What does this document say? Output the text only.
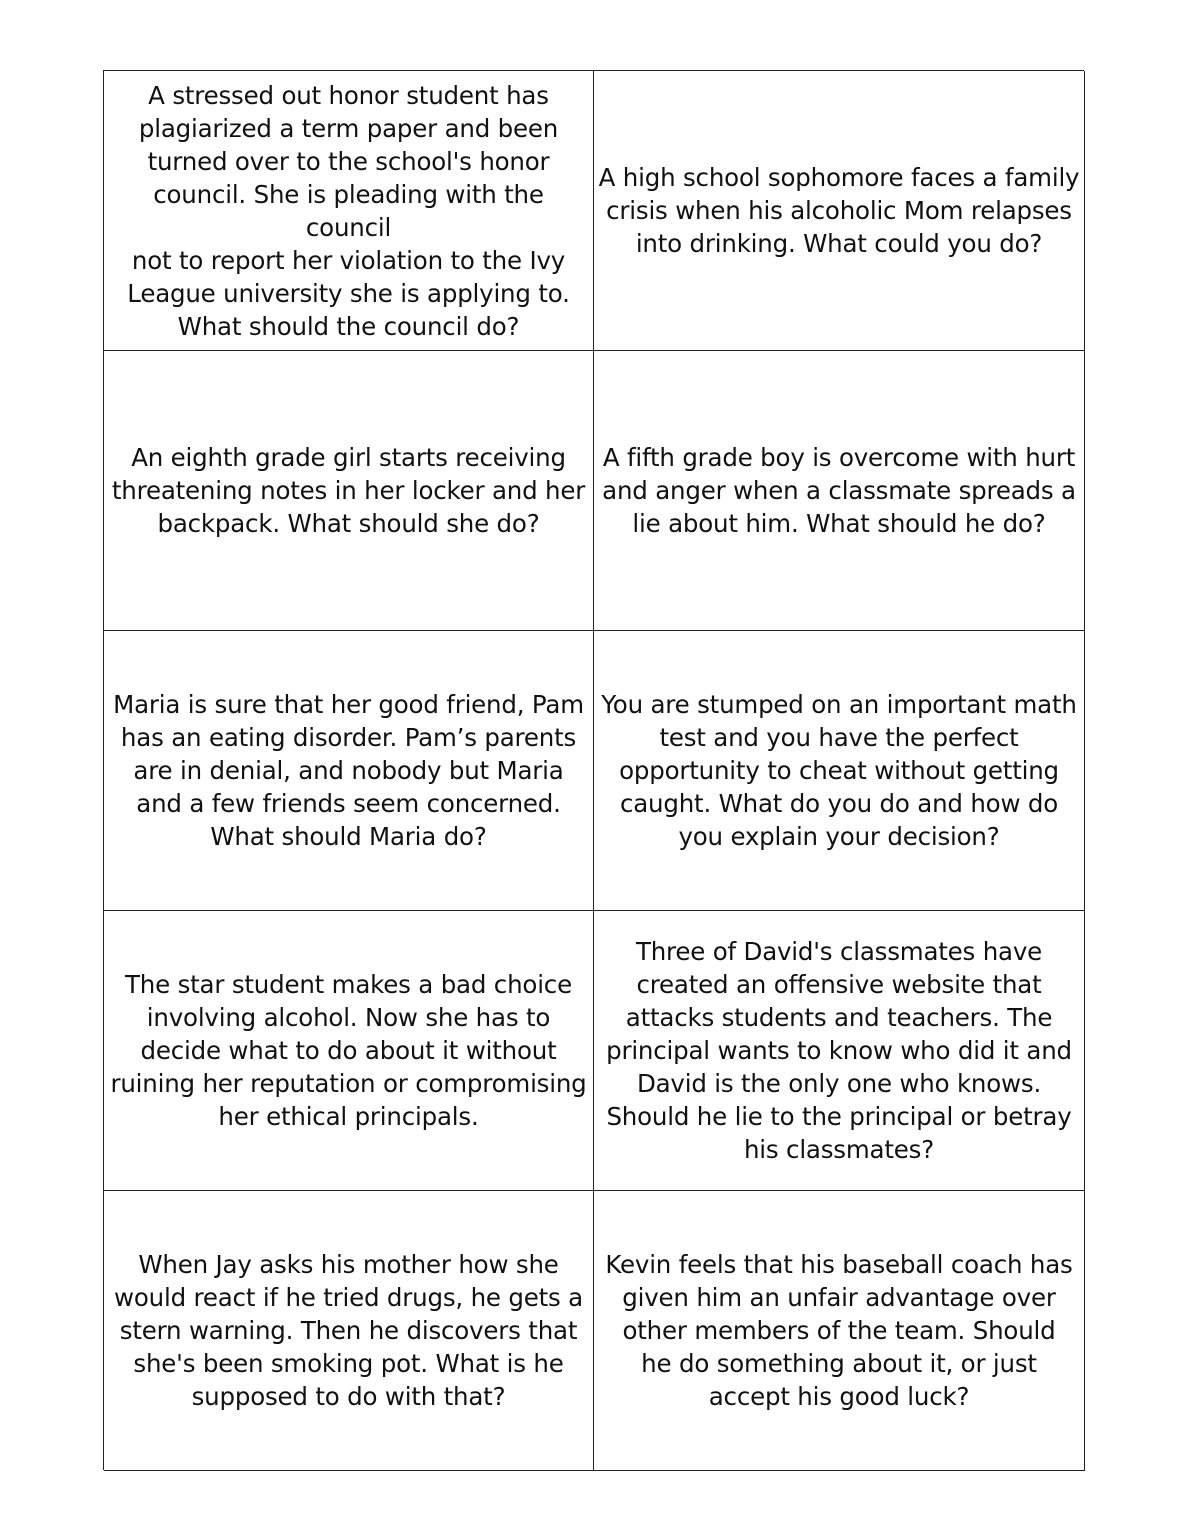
A stressed out honor student has
plagiarized a term paper and been
turned over to the school's honor
council. She is pleading with the council
not to report her violation to the Ivy
League university she is applying to.
What should the council do?
A high school sophomore faces a family
crisis when his alcoholic Mom relapses
into drinking. What could you do?
An eighth grade girl starts receiving
threatening notes in her locker and her
backpack. What should she do?
A fifth grade boy is overcome with hurt
and anger when a classmate spreads a
lie about him. What should he do?
Maria is sure that her good friend, Pam
has an eating disorder. Pam’s parents
are in denial, and nobody but Maria
and a few friends seem concerned.
What should Maria do?
You are stumped on an important math
test and you have the perfect
opportunity to cheat without getting
caught. What do you do and how do
you explain your decision?
The star student makes a bad choice
involving alcohol. Now she has to
decide what to do about it without
ruining her reputation or compromising
her ethical principals.
Three of David's classmates have
created an offensive website that
attacks students and teachers. The
principal wants to know who did it and
David is the only one who knows.
Should he lie to the principal or betray
his classmates?
When Jay asks his mother how she
would react if he tried drugs, he gets a
stern warning. Then he discovers that
she's been smoking pot. What is he
supposed to do with that?
Kevin feels that his baseball coach has
given him an unfair advantage over
other members of the team. Should
he do something about it, or just
accept his good luck?
